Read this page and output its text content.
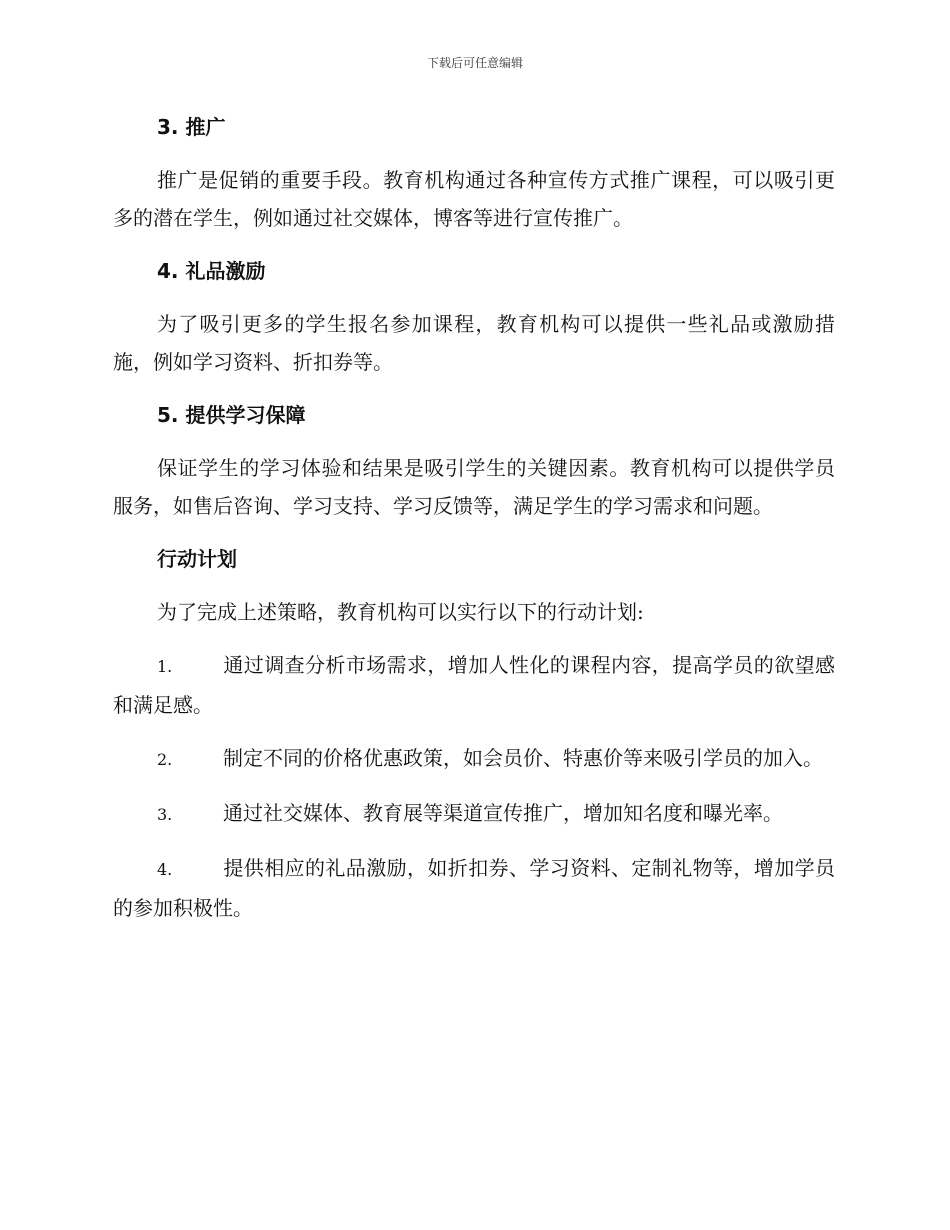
下载后可任意编辑
3. 推广

推广是促销的重要手段。教育机构通过各种宣传方式推广课程，可以吸引更多的潜在学生，例如通过社交媒体，博客等进行宣传推广。

4. 礼品激励

为了吸引更多的学生报名参加课程，教育机构可以提供一些礼品或激励措施，例如学习资料、折扣券等。

5. 提供学习保障

保证学生的学习体验和结果是吸引学生的关键因素。教育机构可以提供学员服务，如售后咨询、学习支持、学习反馈等，满足学生的学习需求和问题。

行动计划

为了完成上述策略，教育机构可以实行以下的行动计划:

1.	通过调查分析市场需求，增加人性化的课程内容，提高学员的欲望感和满足感。

2.	制定不同的价格优惠政策，如会员价、特惠价等来吸引学员的加入。

3.	通过社交媒体、教育展等渠道宣传推广，增加知名度和曝光率。

4.	提供相应的礼品激励，如折扣券、学习资料、定制礼物等，增加学员的参加积极性。
